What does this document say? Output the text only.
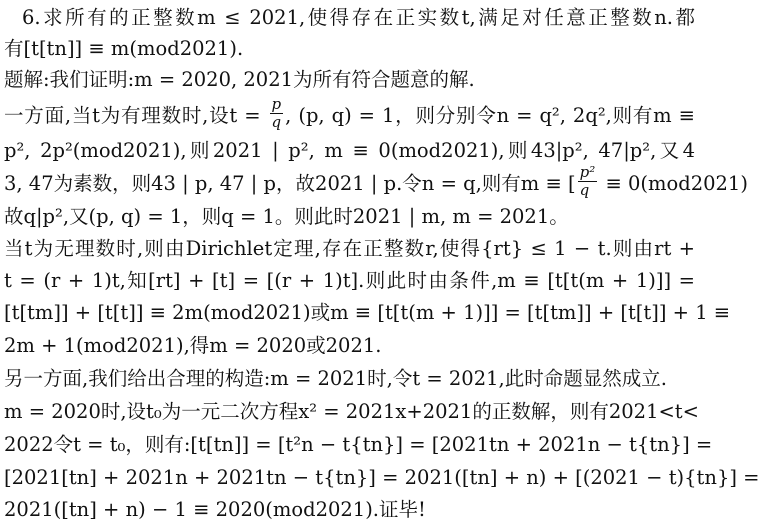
6.求所有的正整数m ≤ 2021,使得存在正实数t,满足对任意正整数n.都
有[t[tn]] ≡ m(mod2021).
题解:我们证明:m = 2020, 2021为所有符合题意的解.
一方面,当t为有理数时,设$t = \frac{p}{q}$ , (p, q) = 1，则分别令n = q², 2q²,则有m ≡
p², 2p²(mod2021),则2021 | p², m ≡ 0(mod2021),则43|p², 47|p²,又4
3, 47为素数，则43 | p, 47 | p，故2021 | p.令n = q,则有m ≡ [ $\frac{\text{p²}}{q} \equiv 0(mod2021)$
故q|p²,又(p, q) = 1，则q = 1。则此时2021 | m, m = 2021。
当t为无理数时,则由Dirichlet定理,存在正整数r,使得{rt} ≤ 1 − t.则由rt +
t = (r + 1)t,知[rt] + [t] = [(r + 1)t].则此时由条件,m ≡ [t[t(m + 1)]] =
[t[tm]] + [t[t]] ≡ 2m(mod2021)或m ≡ [t[t(m + 1)]] = [t[tm]] + [t[t]] + 1 ≡
2m + 1(mod2021),得m = 2020或2021.
另一方面,我们给出合理的构造:m = 2021时,令t = 2021,此时命题显然成立.
m = 2020时,设t₀为一元二次方程x² = 2021x+2021的正数解，则有2021<t<
2022令t = t₀，则有:[t[tn]] = [t²n − t{tn}] = [2021tn + 2021n − t{tn}] =
[2021[tn] + 2021n + 2021tn − t{tn}] = 2021([tn] + n) + [(2021 − t){tn}] =
2021([tn] + n) − 1 ≡ 2020(mod2021).证毕!
